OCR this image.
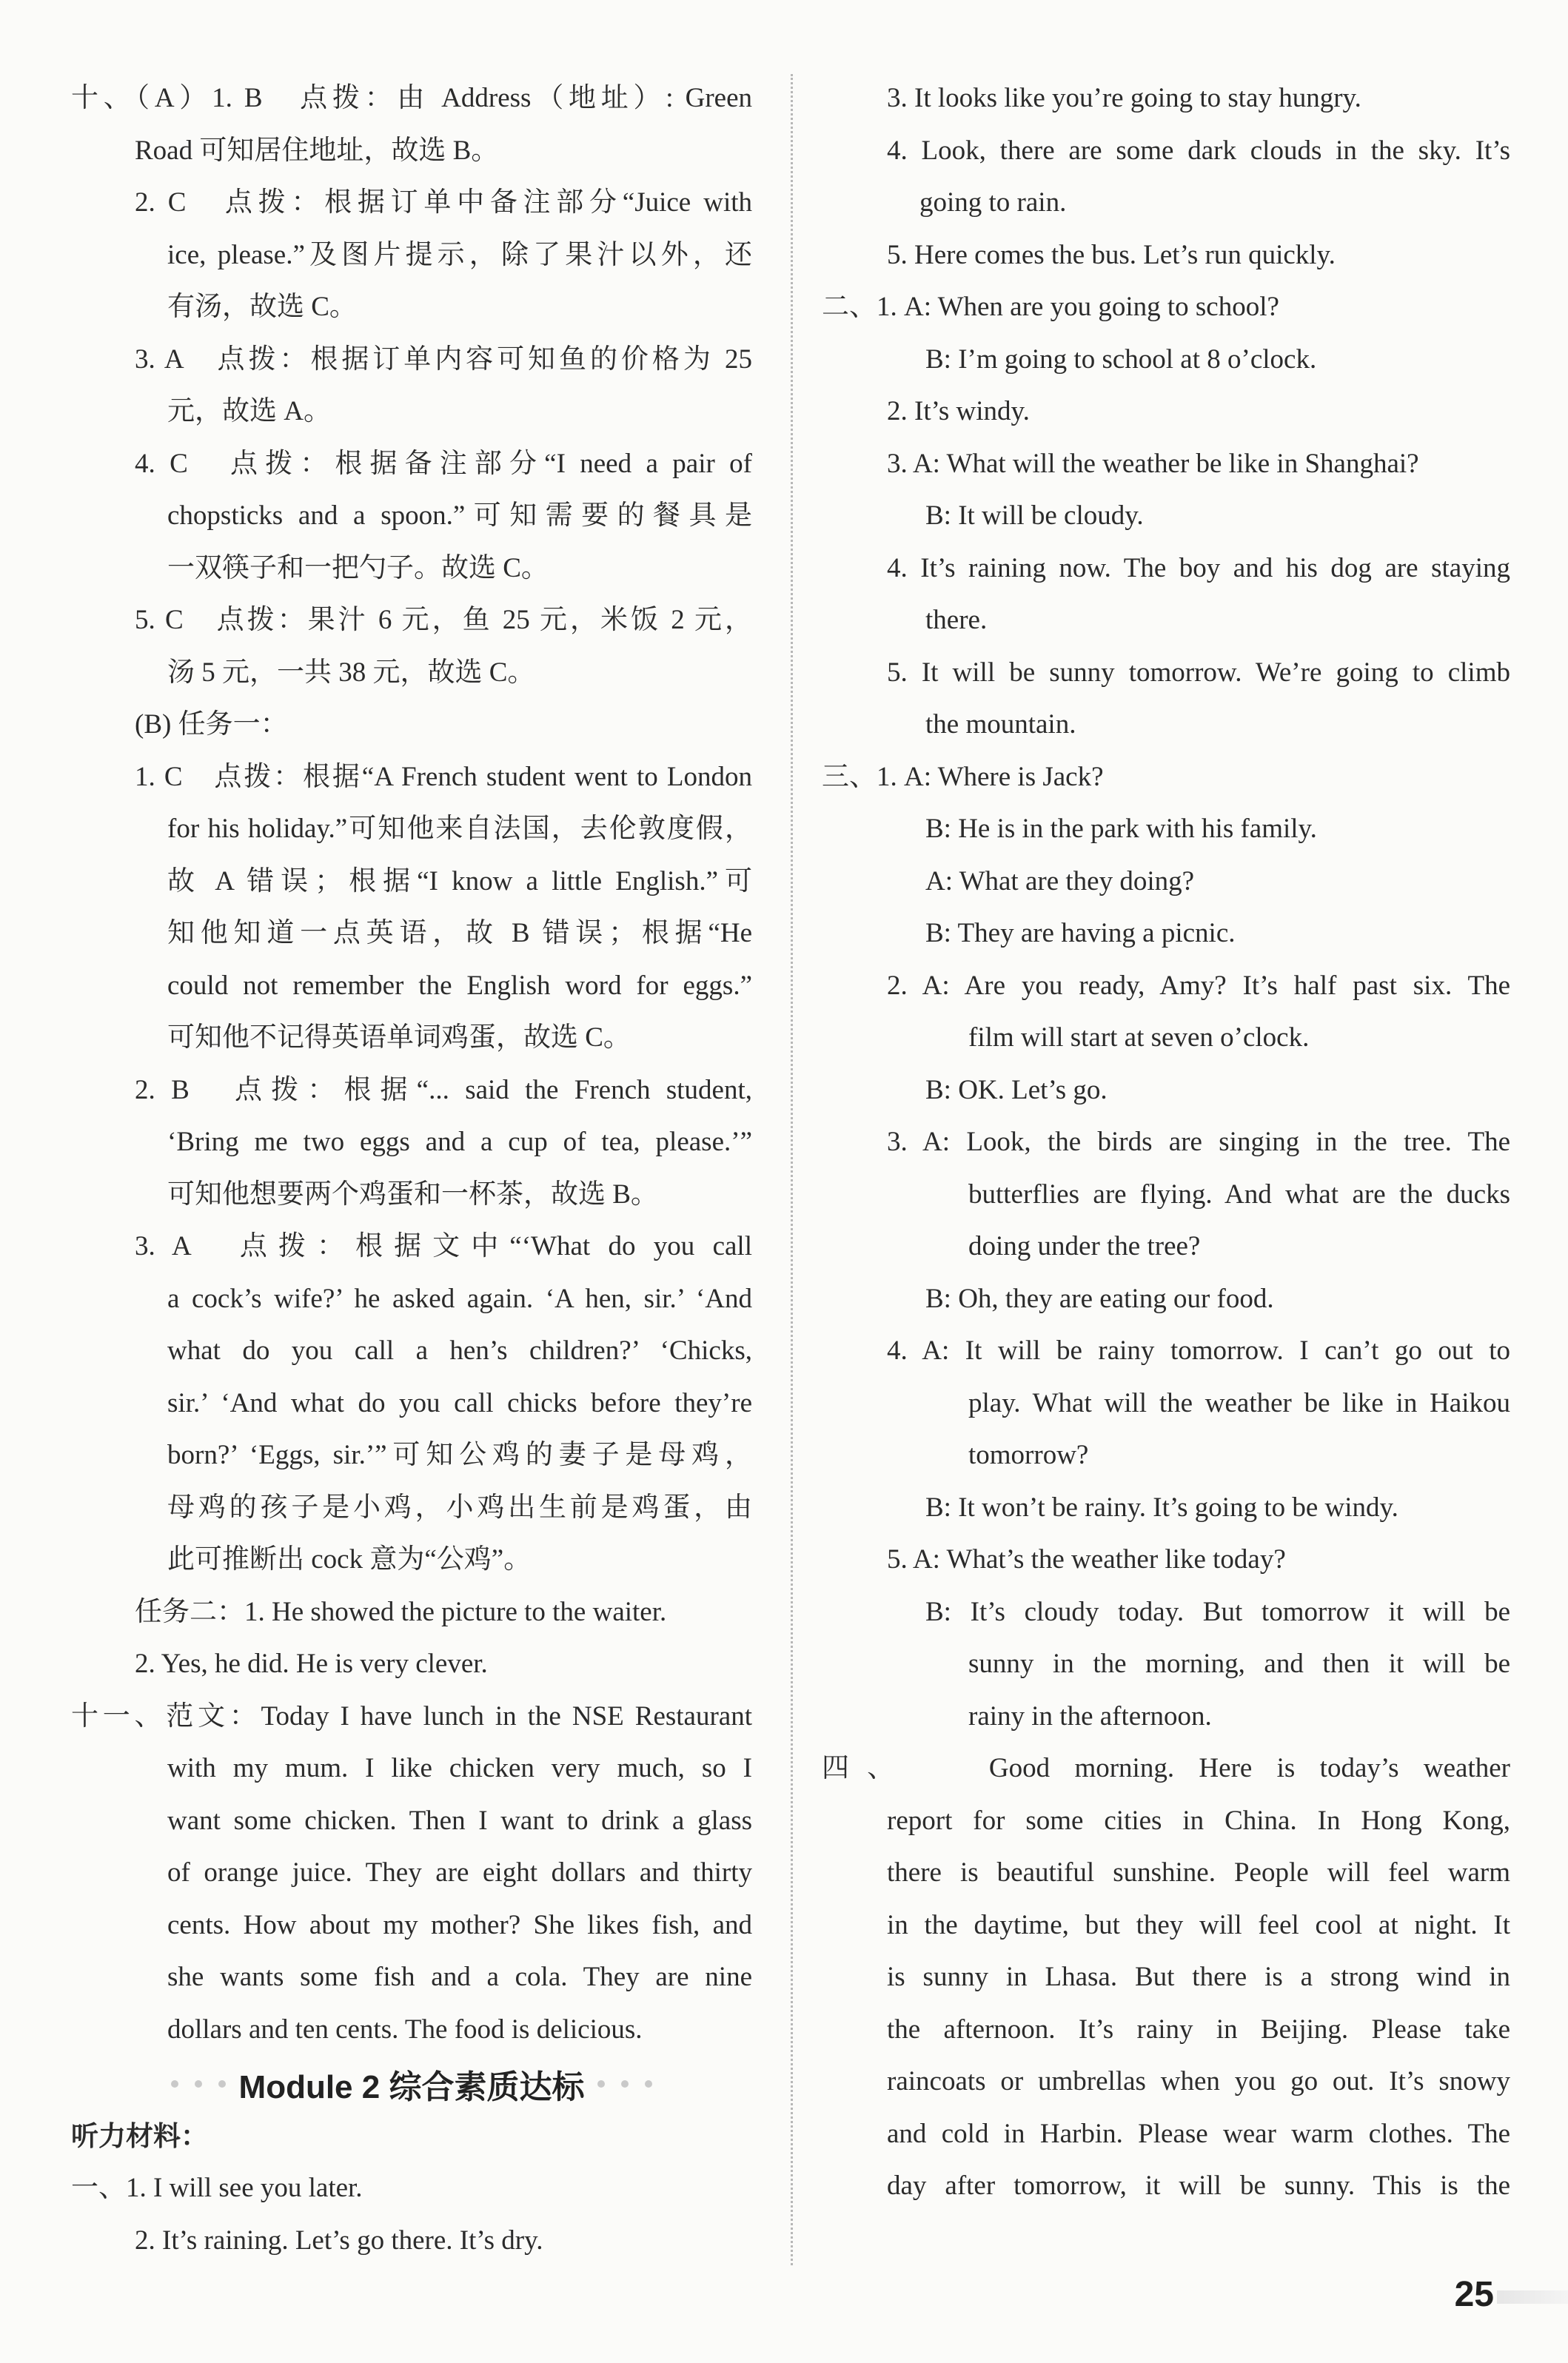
十、（A）1. B　点拨：由 Address（地址）: Green
Road 可知居住地址，故选 B。
2. C　点拨：根据订单中备注部分“Juice with
ice, please.”及图片提示，除了果汁以外，还
有汤，故选 C。
3. A　点拨：根据订单内容可知鱼的价格为 25
元，故选 A。
4. C　点拨：根据备注部分“I need a pair of
chopsticks and a spoon.”可知需要的餐具是
一双筷子和一把勺子。故选 C。
5. C　点拨：果汁 6 元，鱼 25 元，米饭 2 元，
汤 5 元，一共 38 元，故选 C。
(B) 任务一：
1. C　点拨：根据“A French student went to London
for his holiday.”可知他来自法国，去伦敦度假，
故 A 错误；根据“I know a little English.”可
知他知道一点英语，故 B 错误；根据“He
could not remember the English word for eggs.”
可知他不记得英语单词鸡蛋，故选 C。
2. B　点拨：根据“... said the French student,
‘Bring me two eggs and a cup of tea, please.’”
可知他想要两个鸡蛋和一杯茶，故选 B。
3. A　点拨：根据文中“‘What do you call
a cock’s wife?’ he asked again. ‘A hen, sir.’ ‘And
what do you call a hen’s children?’ ‘Chicks,
sir.’ ‘And what do you call chicks before they’re
born?’ ‘Eggs, sir.’”可知公鸡的妻子是母鸡，
母鸡的孩子是小鸡，小鸡出生前是鸡蛋，由
此可推断出 cock 意为“公鸡”。
任务二：1. He showed the picture to the waiter.
2. Yes, he did. He is very clever.
十一、范文：Today I have lunch in the NSE Restaurant
with my mum. I like chicken very much, so I
want some chicken. Then I want to drink a glass
of orange juice. They are eight dollars and thirty
cents. How about my mother? She likes fish, and
she wants some fish and a cola. They are nine
dollars and ten cents. The food is delicious.
Module 2 综合素质达标
听力材料：
一、1. I will see you later.
2. It’s raining. Let’s go there. It’s dry.
3. It looks like you’re going to stay hungry.
4. Look, there are some dark clouds in the sky. It’s
going to rain.
5. Here comes the bus. Let’s run quickly.
二、1. A: When are you going to school?
B: I’m going to school at 8 o’clock.
2. It’s windy.
3. A: What will the weather be like in Shanghai?
B: It will be cloudy.
4. It’s raining now. The boy and his dog are staying
there.
5. It will be sunny tomorrow. We’re going to climb
the mountain.
三、1. A: Where is Jack?
B: He is in the park with his family.
A: What are they doing?
B: They are having a picnic.
2. A: Are you ready, Amy? It’s half past six. The
film will start at seven o’clock.
B: OK. Let’s go.
3. A: Look, the birds are singing in the tree. The
butterflies are flying. And what are the ducks
doing under the tree?
B: Oh, they are eating our food.
4. A: It will be rainy tomorrow. I can’t go out to
play. What will the weather be like in Haikou
tomorrow?
B: It won’t be rainy. It’s going to be windy.
5. A: What’s the weather like today?
B: It’s cloudy today. But tomorrow it will be
sunny in the morning, and then it will be
rainy in the afternoon.
四、　　Good morning. Here is today’s weather
report for some cities in China. In Hong Kong,
there is beautiful sunshine. People will feel warm
in the daytime, but they will feel cool at night. It
is sunny in Lhasa. But there is a strong wind in
the afternoon. It’s rainy in Beijing. Please take
raincoats or umbrellas when you go out. It’s snowy
and cold in Harbin. Please wear warm clothes. The
day after tomorrow, it will be sunny. This is the
25
